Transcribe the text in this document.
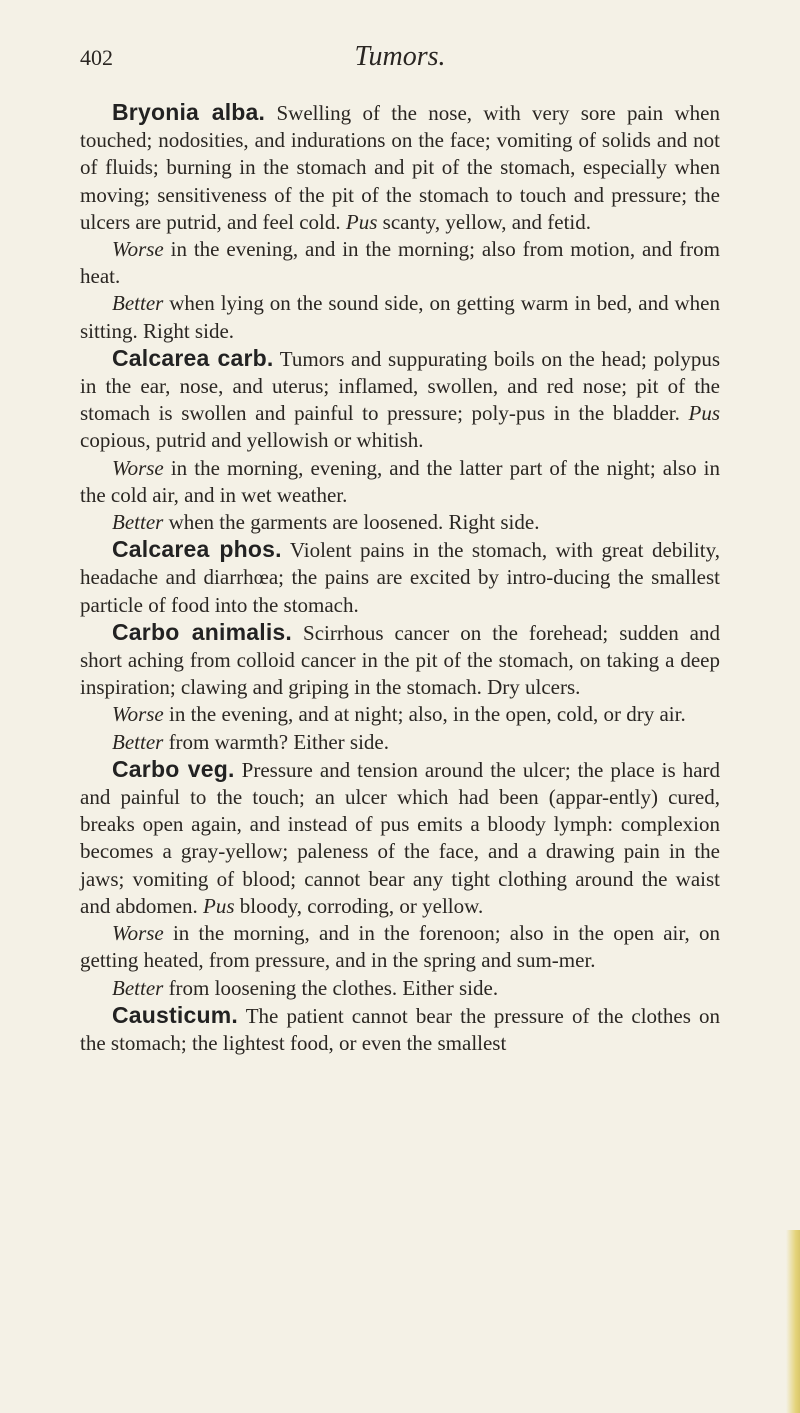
402	Tumors.

Bryonia alba. Swelling of the nose, with very sore pain when touched; nodosities, and indurations on the face; vomiting of solids and not of fluids; burning in the stomach and pit of the stomach, especially when moving; sensitiveness of the pit of the stomach to touch and pressure; the ulcers are putrid, and feel cold. Pus scanty, yellow, and fetid.

Worse in the evening, and in the morning; also from motion, and from heat.

Better when lying on the sound side, on getting warm in bed, and when sitting. Right side.

Calcarea carb. Tumors and suppurating boils on the head; polypus in the ear, nose, and uterus; inflamed, swollen, and red nose; pit of the stomach is swollen and painful to pressure; poly-pus in the bladder. Pus copious, putrid and yellowish or whitish.

Worse in the morning, evening, and the latter part of the night; also in the cold air, and in wet weather.

Better when the garments are loosened. Right side.

Calcarea phos. Violent pains in the stomach, with great debility, headache and diarrhœa; the pains are excited by intro-ducing the smallest particle of food into the stomach.

Carbo animalis. Scirrhous cancer on the forehead; sudden and short aching from colloid cancer in the pit of the stomach, on taking a deep inspiration; clawing and griping in the stomach. Dry ulcers.

Worse in the evening, and at night; also, in the open, cold, or dry air.

Better from warmth? Either side.

Carbo veg. Pressure and tension around the ulcer; the place is hard and painful to the touch; an ulcer which had been (appar-ently) cured, breaks open again, and instead of pus emits a bloody lymph: complexion becomes a gray-yellow; paleness of the face, and a drawing pain in the jaws; vomiting of blood; cannot bear any tight clothing around the waist and abdomen. Pus bloody, corroding, or yellow.

Worse in the morning, and in the forenoon; also in the open air, on getting heated, from pressure, and in the spring and sum-mer.

Better from loosening the clothes. Either side.

Causticum. The patient cannot bear the pressure of the clothes on the stomach; the lightest food, or even the smallest
